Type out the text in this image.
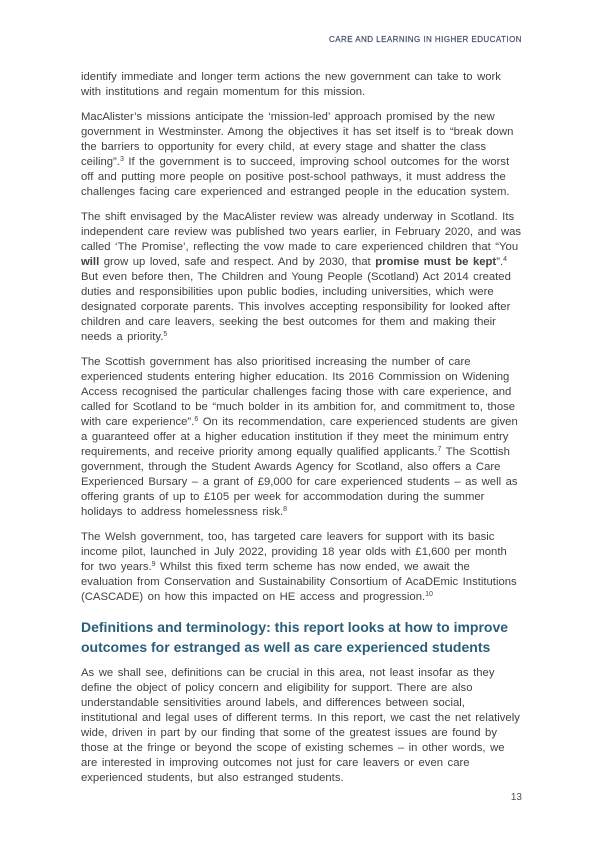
CARE AND LEARNING IN HIGHER EDUCATION

identify immediate and longer term actions the new government can take to work with institutions and regain momentum for this mission.

MacAlister’s missions anticipate the ‘mission-led’ approach promised by the new government in Westminster. Among the objectives it has set itself is to “break down the barriers to opportunity for every child, at every stage and shatter the class ceiling”.$^3$ If the government is to succeed, improving school outcomes for the worst off and putting more people on positive post-school pathways, it must address the challenges facing care experienced and estranged people in the education system.

The shift envisaged by the MacAlister review was already underway in Scotland. Its independent care review was published two years earlier, in February 2020, and was called ‘The Promise’, reflecting the vow made to care experienced children that “You will grow up loved, safe and respect. And by 2030, that promise must be kept”.$^4$ But even before then, The Children and Young People (Scotland) Act 2014 created duties and responsibilities upon public bodies, including universities, which were designated corporate parents. This involves accepting responsibility for looked after children and care leavers, seeking the best outcomes for them and making their needs a priority.$^5$

The Scottish government has also prioritised increasing the number of care experienced students entering higher education. Its 2016 Commission on Widening Access recognised the particular challenges facing those with care experience, and called for Scotland to be “much bolder in its ambition for, and commitment to, those with care experience”.$^6$ On its recommendation, care experienced students are given a guaranteed offer at a higher education institution if they meet the minimum entry requirements, and receive priority among equally qualified applicants.$^7$ The Scottish government, through the Student Awards Agency for Scotland, also offers a Care Experienced Bursary – a grant of £9,000 for care experienced students – as well as offering grants of up to £105 per week for accommodation during the summer holidays to address homelessness risk.$^8$

The Welsh government, too, has targeted care leavers for support with its basic income pilot, launched in July 2022, providing 18 year olds with £1,600 per month for two years.$^9$ Whilst this fixed term scheme has now ended, we await the evaluation from Conservation and Sustainability Consortium of AcaDEmic Institutions (CASCADE) on how this impacted on HE access and progression.$^{10}$

Definitions and terminology: this report looks at how to improve outcomes for estranged as well as care experienced students

As we shall see, definitions can be crucial in this area, not least insofar as they define the object of policy concern and eligibility for support. There are also understandable sensitivities around labels, and differences between social, institutional and legal uses of different terms. In this report, we cast the net relatively wide, driven in part by our finding that some of the greatest issues are found by those at the fringe or beyond the scope of existing schemes – in other words, we are interested in improving outcomes not just for care leavers or even care experienced students, but also estranged students.

13
